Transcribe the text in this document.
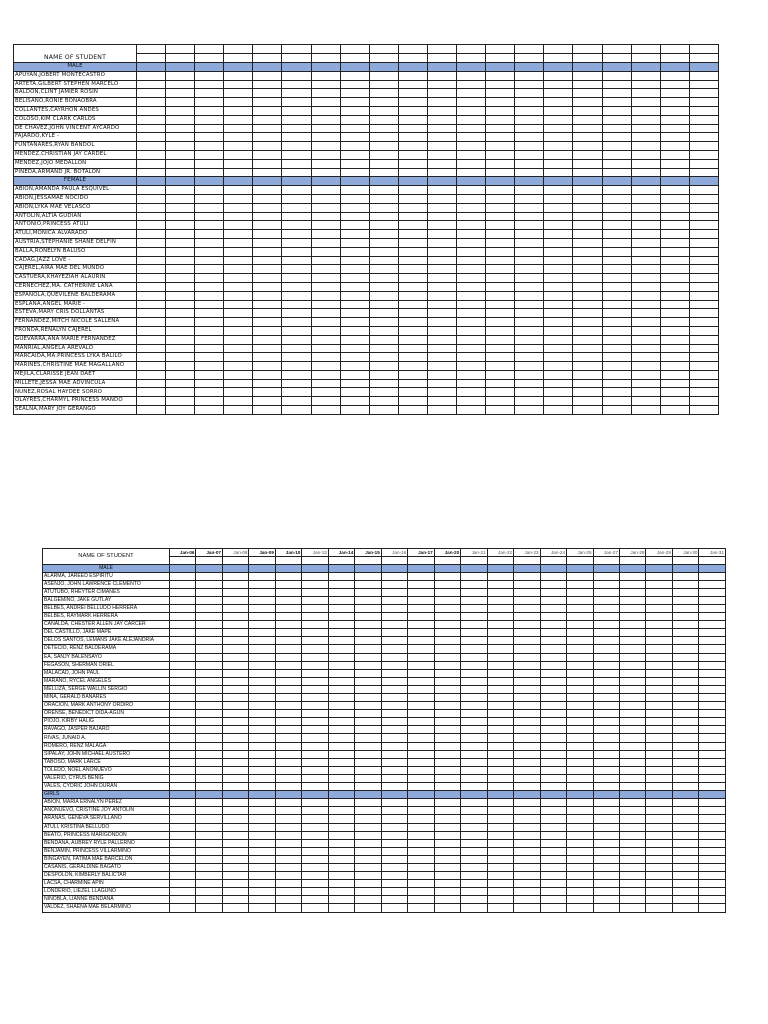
NAME OF STUDENT																				

MALE																				
APUYAN,JOBERT MONTECASTRO																				
ARTETA,GILBERT STEPHEN MARCELO																				
BALDON,CLINT JAMIER ROSIN																				
BELISANO,RONIE BONAOBRA																				
COLLANTES,CAYRHON ANDES																				
COLOSO,KIM CLARK CARLOS																				
DE CHAVEZ,JOHN VINCENT AYCARDO																				
FAJARDO,KYLE -																				
FUNTANARES,RYAN BANDOL																				
MENDEZ,CHRISTIAN JAY CARDEL																				
MENDEZ,JOJO MEDALLON																				
PINEDA,ARMAND JR. BOTALON																				
FEMALE																				
ABION,AMANDA PAULA ESQUIVEL																				
ABION,JESSAMAE NOCIDO																				
ABION,LYKA MAE VELASCO																				
ANTOLIN,ALTIA GUDIAN																				
ANTONIO,PRINCESS ATULI																				
ATULI,MONICA ALVARADO																				
AUSTRIA,STEPHANIE SHANE DELFIN																				
BALLA,RONELYN BALUSO																				
CADAG,JAZZ LOVE -																				
CAJEREL,AIRA MAE DEL MUNDO																				
CASTUERA,KHAYEZIAH ALAURIN																				
CERNECHEZ,MA. CATHERINE LANA																				
ESPANOLA,QUEVILENE BALDERAMA																				
ESPLANA,ANGEL MARIE -																				
ESTEVA,MARY CRIS DOLLANTAS																				
FERNANDEZ,MITCH NICOLE SALLENA																				
FRONDA,RENALYN CAJEREL																				
GUEVARRA,ANA MARIE FERNANDEZ																				
MANRIAL,ANGELA AREVALO																				
MARCAIDA,MA.PRINCESS LYKA BALILO																				
MARINES,CHRISTINE MAE MAGALLANO																				
MEJILA,CLARISSE JEAN DAET																				
MILLETE,JESSA MAE ADVINCULA																				
NUNEZ,ROSAL HAYDEE SORRO																				
OLAYRES,CHARMYL PRINCESS MANDO																				
SEALNA,MARY JOY GERANGO																				
NAME OF STUDENT	Jan-06	Jan-07	Jan-08	Jan-09	Jan-10	Jan-13	Jan-14	Jan-15	Jan-16	Jan-17	Jan-20	Jan-21	Jan-22	Jan-23	Jan-24	Jan-25	Jan-27	Jan-28	Jan-29	Jan-30	Jan-31

MALE																					
ALARMA, JAREED ESPIRITU																					
ASENJO, JOHN LAWRENCE CLEMENTO																					
ATUTUBO, RHEYTER CIMANES																					
BALGEMINO, JAKE GUTLAY																					
BELBES, ANDREI BELLUDO HERRERA																					
BELBES, RAYMARK HERRERA																					
CANALDA, CHESTER ALLEN JAY CARCER																					
DEL CASTILLO, JAKE MAPE																					
DELOS SANTOS, LEMANS JAKE ALEJANDRIA																					
DETECIO, RENZ BALDERAMA																					
EA, SANJY BALENSAYO																					
FEGASON, SHERMAN ORIEL																					
MALACAD, JOHN PAUL																					
MARANO, RYCEL ANGELES																					
MELLIZA, SERGE WALLIN SERGIO																					
MINA, GERALD BANARES																					
ORACION, MARK ANTHONY ORDIRO																					
ORENSE, BENEDICT DIDA-AGUN																					
PIOJO, KIRBY HALIG																					
RAVAGO, JASPER BAJARO																					
RIVAS, JUNAID A.																					
ROMERO, RENZ MALAGA																					
SIPALAY, JOHN MICHAEL AUSTERO																					
TABOSO, MARK LARCE																					
TOLEDO, NOEL ANONUEVO																					
VALERIO, CYRUS BENIG																					
VALES, CYDRIC JOHN DURAN																					
GIRLS																					
ABION, MARIA ERNALYN PEREZ																					
ANONUEVO, CRISTINE JOY ANTOLIN																					
ARANAS, GENEVA SERVILLANO																					
ATULI, KRISTINA BELLUDO																					
BEATO, PRINCESS MARIGONDON																					
BENDANA, AUBREY RYLE PALLERNO																					
BENJAMIN, PRINCESS VILLARMINO																					
BINGAYEN, FATIMA MAE BARCELON																					
CASANIS, GERALDINE BAGATO																					
DESPOLON, KIMBERLY BALICTAR																					
LACSA, CHARMINE APIN																					
LONDERIO, LIEZEL LLAGUNO																					
NINOBLA, LIANNE BENDANA																					
VALDEZ, SHAENA MAE BELARMINO																					
